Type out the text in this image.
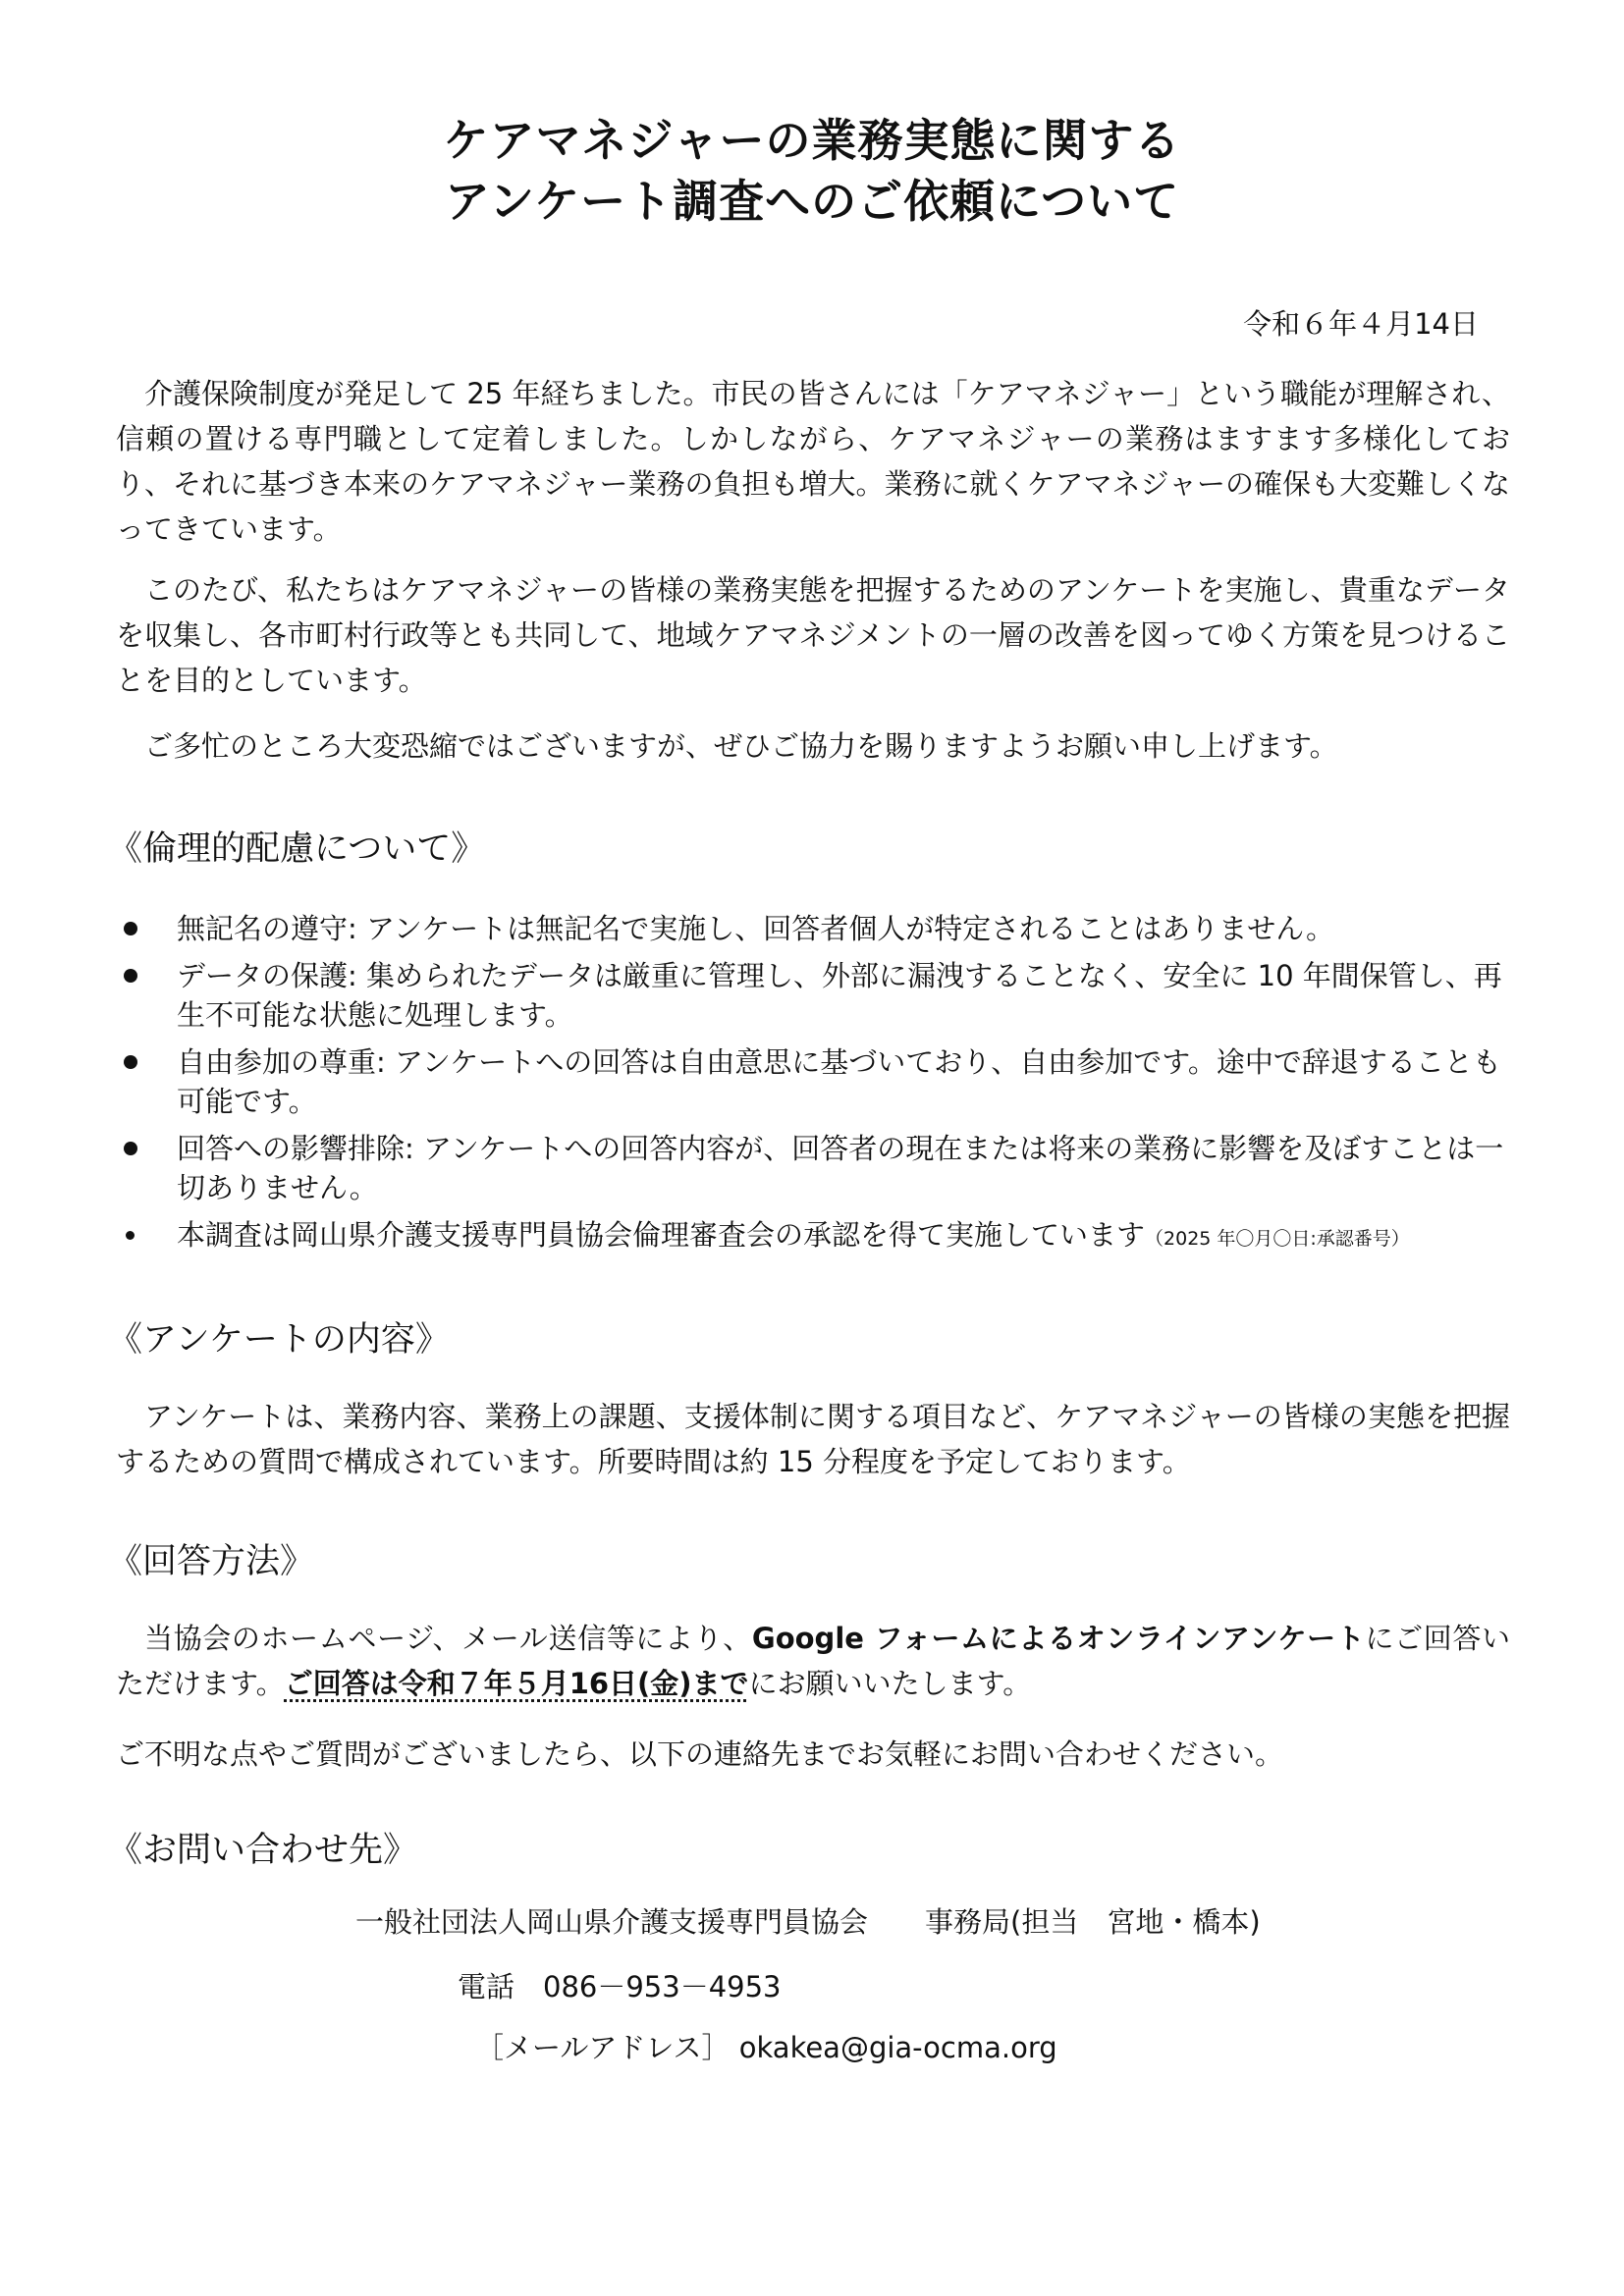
ケアマネジャーの業務実態に関する
アンケート調査へのご依頼について
令和６年４月14日
介護保険制度が発足して 25 年経ちました。市民の皆さんには「ケアマネジャー」という職能が理解され、信頼の置ける専門職として定着しました。しかしながら、ケアマネジャーの業務はますます多様化しており、それに基づき本来のケアマネジャー業務の負担も増大。業務に就くケアマネジャーの確保も大変難しくなってきています。
このたび、私たちはケアマネジャーの皆様の業務実態を把握するためのアンケートを実施し、貴重なデータを収集し、各市町村行政等とも共同して、地域ケアマネジメントの一層の改善を図ってゆく方策を見つけることを目的としています。
ご多忙のところ大変恐縮ではございますが、ぜひご協力を賜りますようお願い申し上げます。
《倫理的配慮について》
無記名の遵守: アンケートは無記名で実施し、回答者個人が特定されることはありません。
データの保護: 集められたデータは厳重に管理し、外部に漏洩することなく、安全に 10 年間保管し、再生不可能な状態に処理します。
自由参加の尊重: アンケートへの回答は自由意思に基づいており、自由参加です。途中で辞退することも可能です。
回答への影響排除: アンケートへの回答内容が、回答者の現在または将来の業務に影響を及ぼすことは一切ありません。
本調査は岡山県介護支援専門員協会倫理審査会の承認を得て実施しています（2025 年〇月〇日:承認番号）
《アンケートの内容》
アンケートは、業務内容、業務上の課題、支援体制に関する項目など、ケアマネジャーの皆様の実態を把握するための質問で構成されています。所要時間は約 15 分程度を予定しております。
《回答方法》
当協会のホームページ、メール送信等により、Google フォームによるオンラインアンケートにご回答いただけます。ご回答は令和７年５月16日(金)までにお願いいたします。
ご不明な点やご質問がございましたら、以下の連絡先までお気軽にお問い合わせください。
《お問い合わせ先》
一般社団法人岡山県介護支援専門員協会　　事務局(担当　宮地・橋本)
電話　086－953－4953
［メールアドレス］ okakea@gia-ocma.org
